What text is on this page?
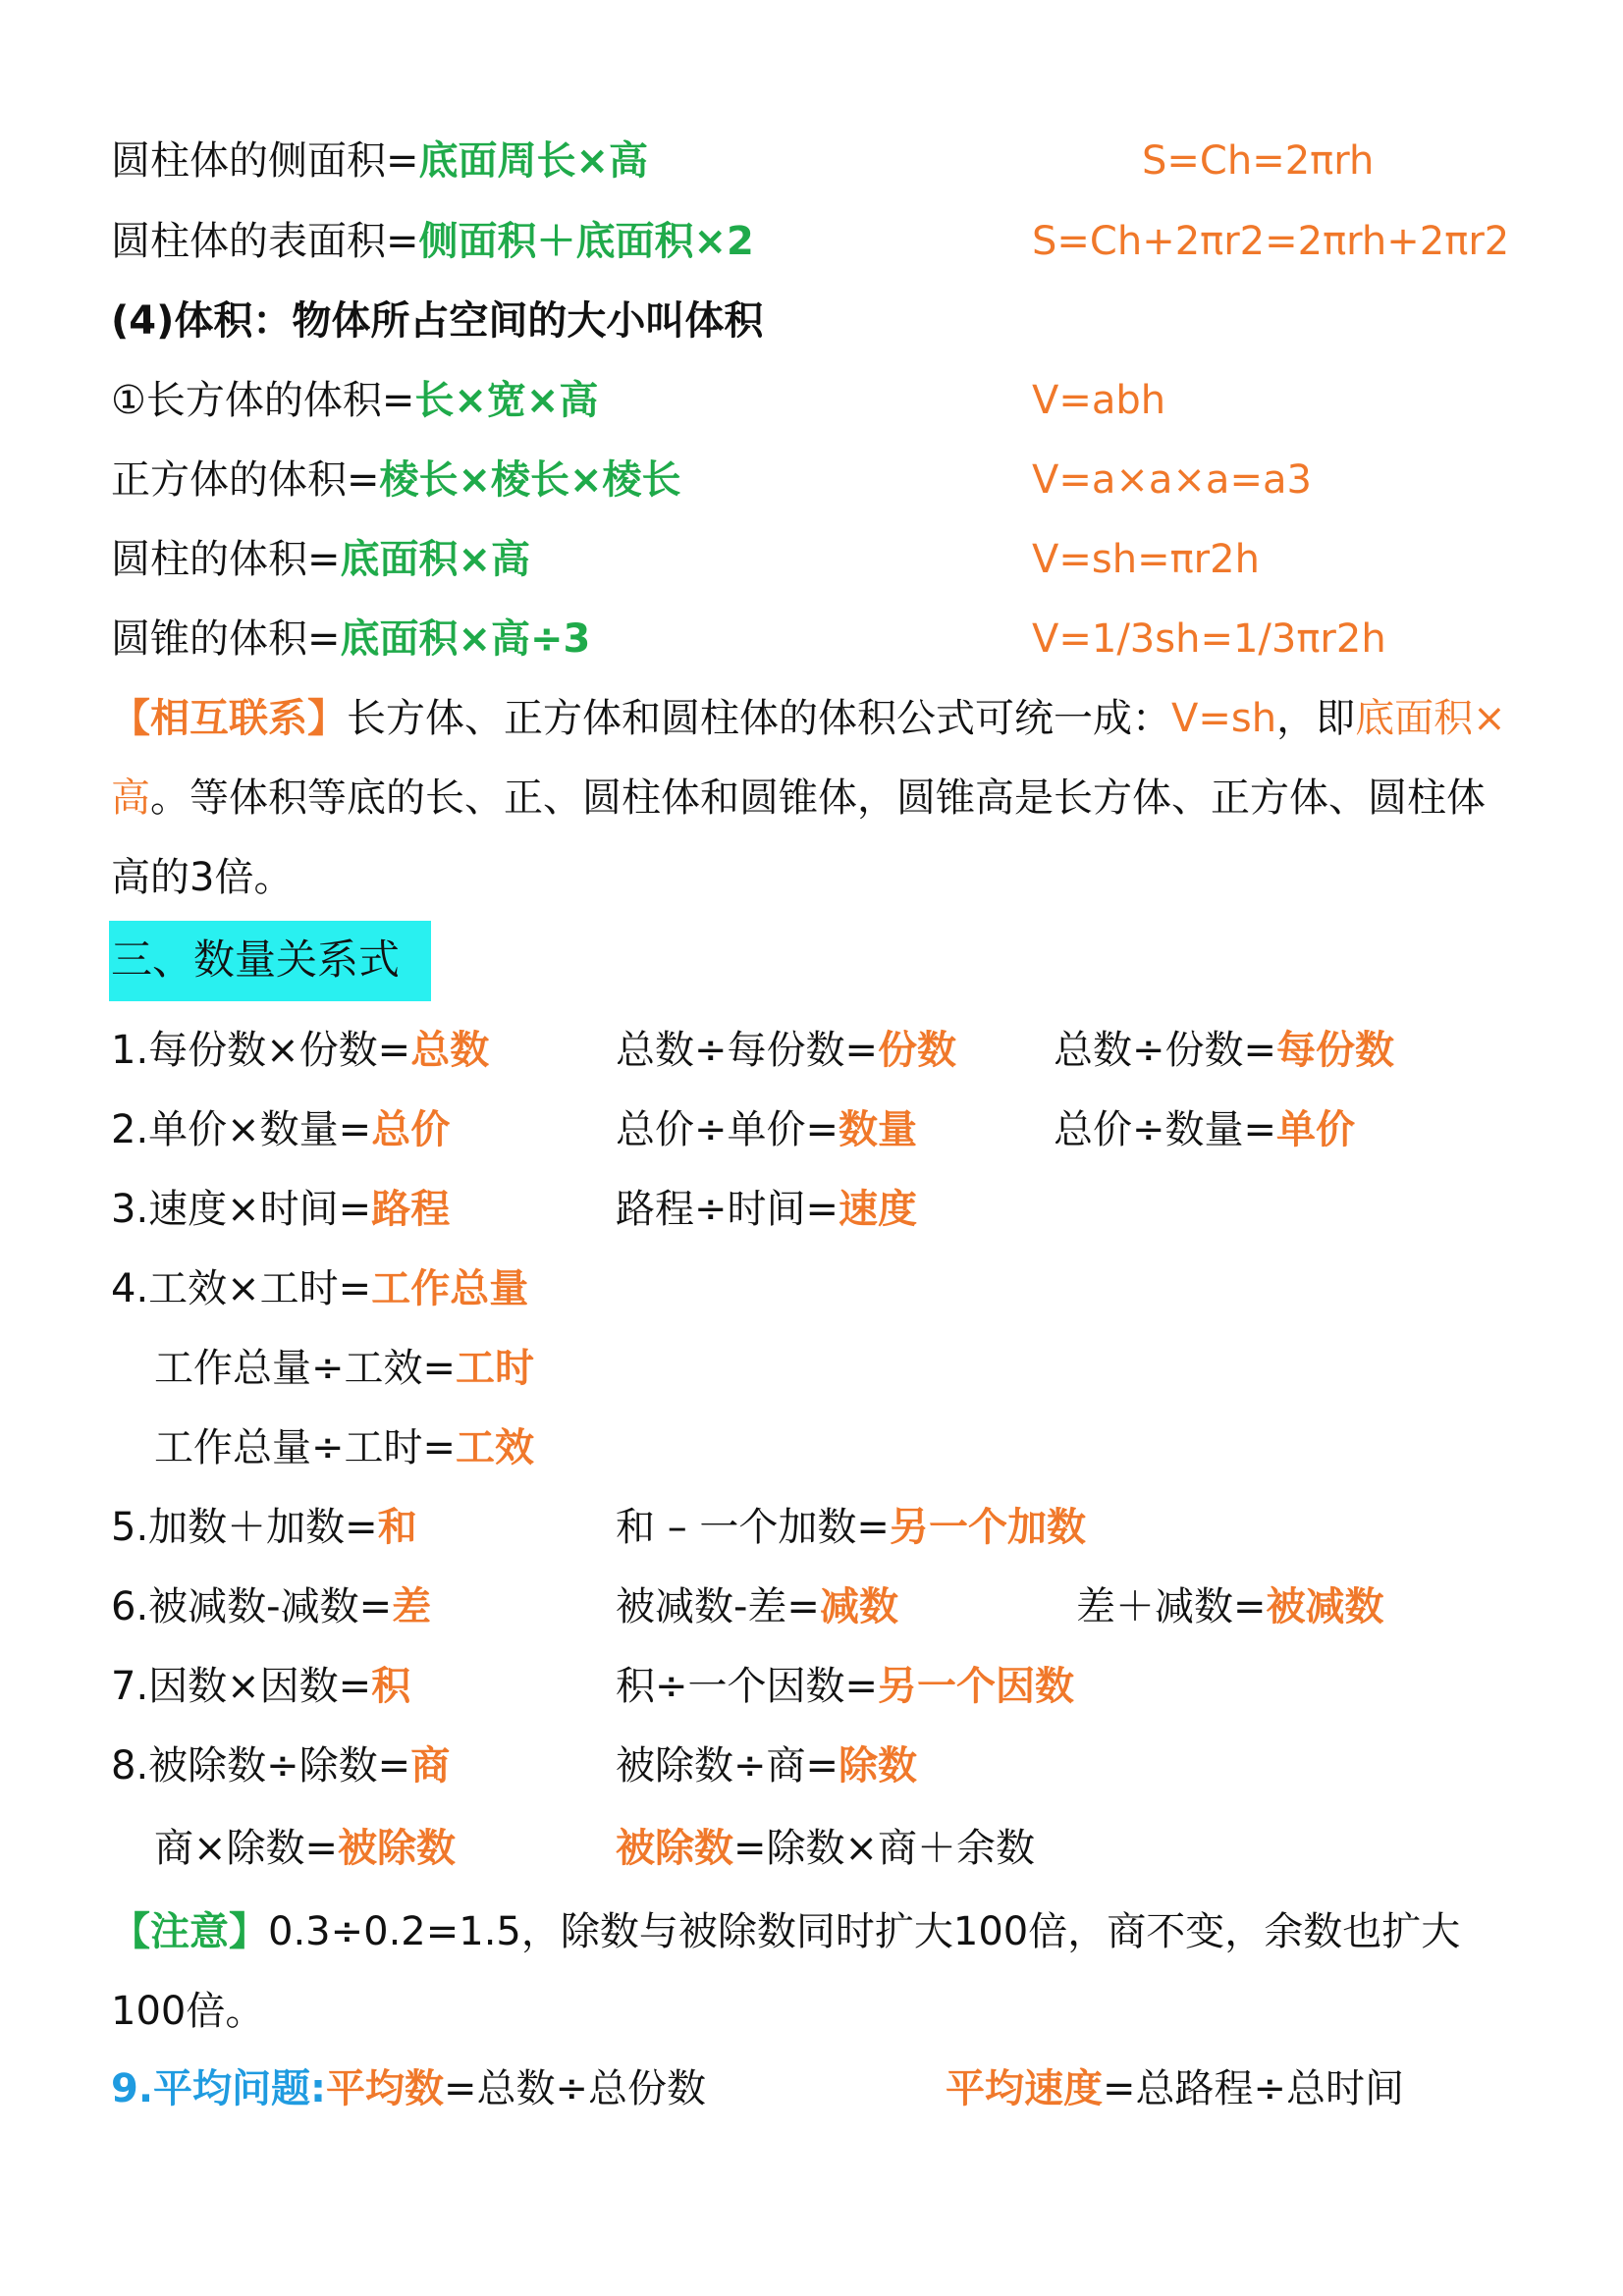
圆柱体的侧面积=底面周长×高	S=Ch=2πrh
圆柱体的表面积=侧面积＋底面积×2	S=Ch+2πr2=2πrh+2πr2
(4)体积：物体所占空间的大小叫体积
①长方体的体积=长×宽×高	V=abh
正方体的体积=棱长×棱长×棱长	V=a×a×a=a3
圆柱的体积=底面积×高	V=sh=πr2h
圆锥的体积=底面积×高÷3	V=1/3sh=1/3πr2h
【相互联系】长方体、正方体和圆柱体的体积公式可统一成：V=sh，即底面积×高。等体积等底的长、正、圆柱体和圆锥体，圆锥高是长方体、正方体、圆柱体高的3倍。
三、数量关系式
1.每份数×份数=总数	总数÷每份数=份数 总数÷份数=每份数
2.单价×数量=总价	总价÷单价=数量	总价÷数量=单价
3.速度×时间=路程	路程÷时间=速度
4.工效×工时=工作总量
工作总量÷工效=工时
工作总量÷工时=工效
5.加数＋加数=和	和 – 一个加数=另一个加数
6.被减数-减数=差	被减数-差=减数	差＋减数=被减数
7.因数×因数=积	积÷一个因数=另一个因数
8.被除数÷除数=商	被除数÷商=除数
商×除数=被除数	被除数=除数×商＋余数
【注意】0.3÷0.2=1.5，除数与被除数同时扩大100倍，商不变，余数也扩大100倍。
9.平均问题:平均数=总数÷总份数	平均速度=总路程÷总时间
